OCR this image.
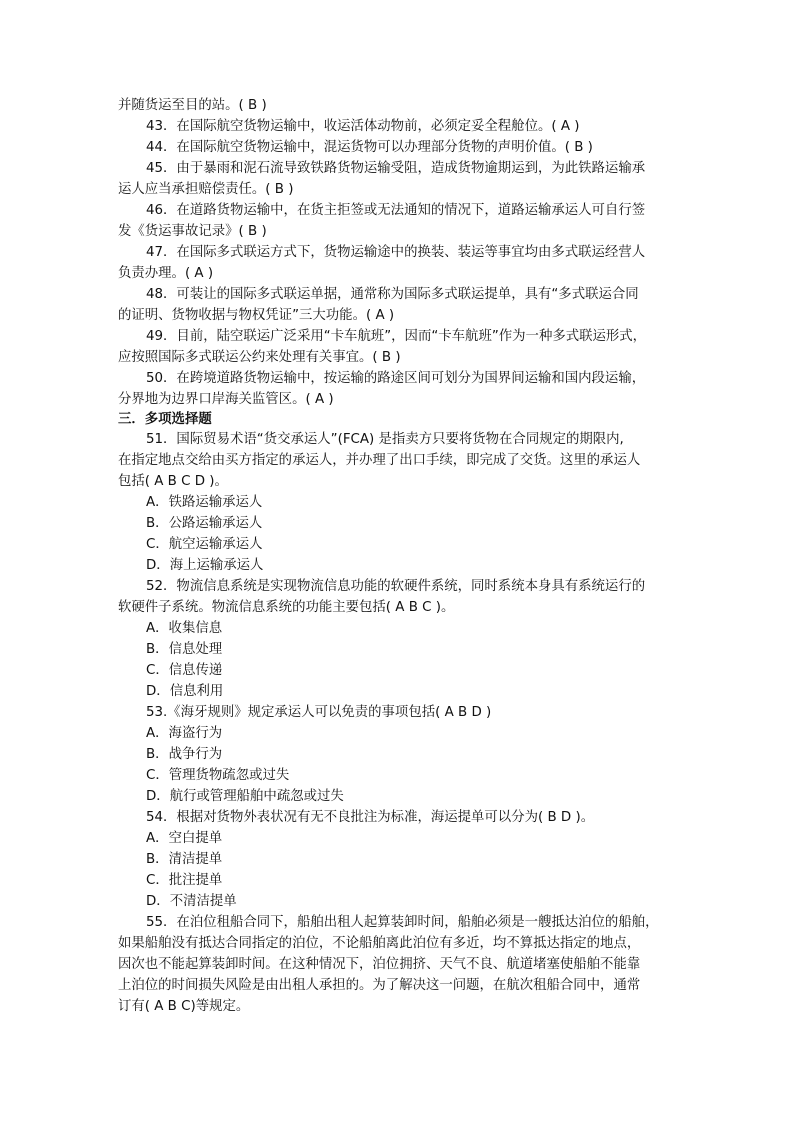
并随货运至目的站。( B )
43．在国际航空货物运输中，收运活体动物前，必须定妥全程舱位。( A )
44．在国际航空货物运输中，混运货物可以办理部分货物的声明价值。( B )
45．由于暴雨和泥石流导致铁路货物运输受阻，造成货物逾期运到，为此铁路运输承
运人应当承担赔偿责任。( B )
46．在道路货物运输中，在货主拒签或无法通知的情况下，道路运输承运人可自行签
发《货运事故记录》( B )
47．在国际多式联运方式下，货物运输途中的换装、装运等事宜均由多式联运经营人
负责办理。( A )
48．可装让的国际多式联运单据，通常称为国际多式联运提单，具有“多式联运合同
的证明、货物收据与物权凭证”三大功能。( A )
49．目前，陆空联运广泛采用“卡车航班”，因而“卡车航班”作为一种多式联运形式，
应按照国际多式联运公约来处理有关事宜。( B )
50．在跨境道路货物运输中，按运输的路途区间可划分为国界间运输和国内段运输，
分界地为边界口岸海关监管区。( A )
三．多项选择题
51．国际贸易术语“货交承运人”(FCA) 是指卖方只要将货物在合同规定的期限内,
在指定地点交给由买方指定的承运人，并办理了出口手续，即完成了交货。这里的承运人
包括( A B C D )。
A．铁路运输承运人
B．公路运输承运人
C．航空运输承运人
D．海上运输承运人
52．物流信息系统是实现物流信息功能的软硬件系统，同时系统本身具有系统运行的
软硬件子系统。物流信息系统的功能主要包括( A B C )。
A．收集信息
B．信息处理
C．信息传递
D．信息利用
53.《海牙规则》规定承运人可以免责的事项包括( A B D )
A．海盗行为
B．战争行为
C．管理货物疏忽或过失
D．航行或管理船舶中疏忽或过失
54．根据对货物外表状况有无不良批注为标准，海运提单可以分为( B D )。
A．空白提单
B．清洁提单
C．批注提单
D．不清洁提单
55．在泊位租船合同下，船舶出租人起算装卸时间，船舶必须是一艘抵达泊位的船舶，
如果船舶没有抵达合同指定的泊位，不论船舶离此泊位有多近，均不算抵达指定的地点，
因次也不能起算装卸时间。在这种情况下，泊位拥挤、天气不良、航道堵塞使船舶不能靠
上泊位的时间损失风险是由出租人承担的。为了解决这一问题，在航次租船合同中，通常
订有( A B C)等规定。
